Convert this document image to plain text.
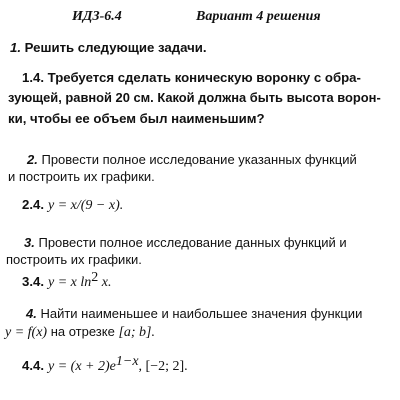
ИДЗ-6.4	Вариант 4 решения
1. Решить следующие задачи.
1.4. Требуется сделать коническую воронку с обра-
зующей, равной 20 см. Какой должна быть высота ворон-
ки, чтобы ее объем был наименьшим?
2. Провести полное исследование указанных функций
и построить их графики.
2.4. y = x/(9 − x).
3. Провести полное исследование данных функций и
построить их графики.
3.4. y = x $\ln^2 x$.
4. Найти наименьшее и наибольшее значения функции
y = f(x) на отрезке [a; b].
4.4. $y = (x + 2)e^{1-x}$, [−2; 2].
